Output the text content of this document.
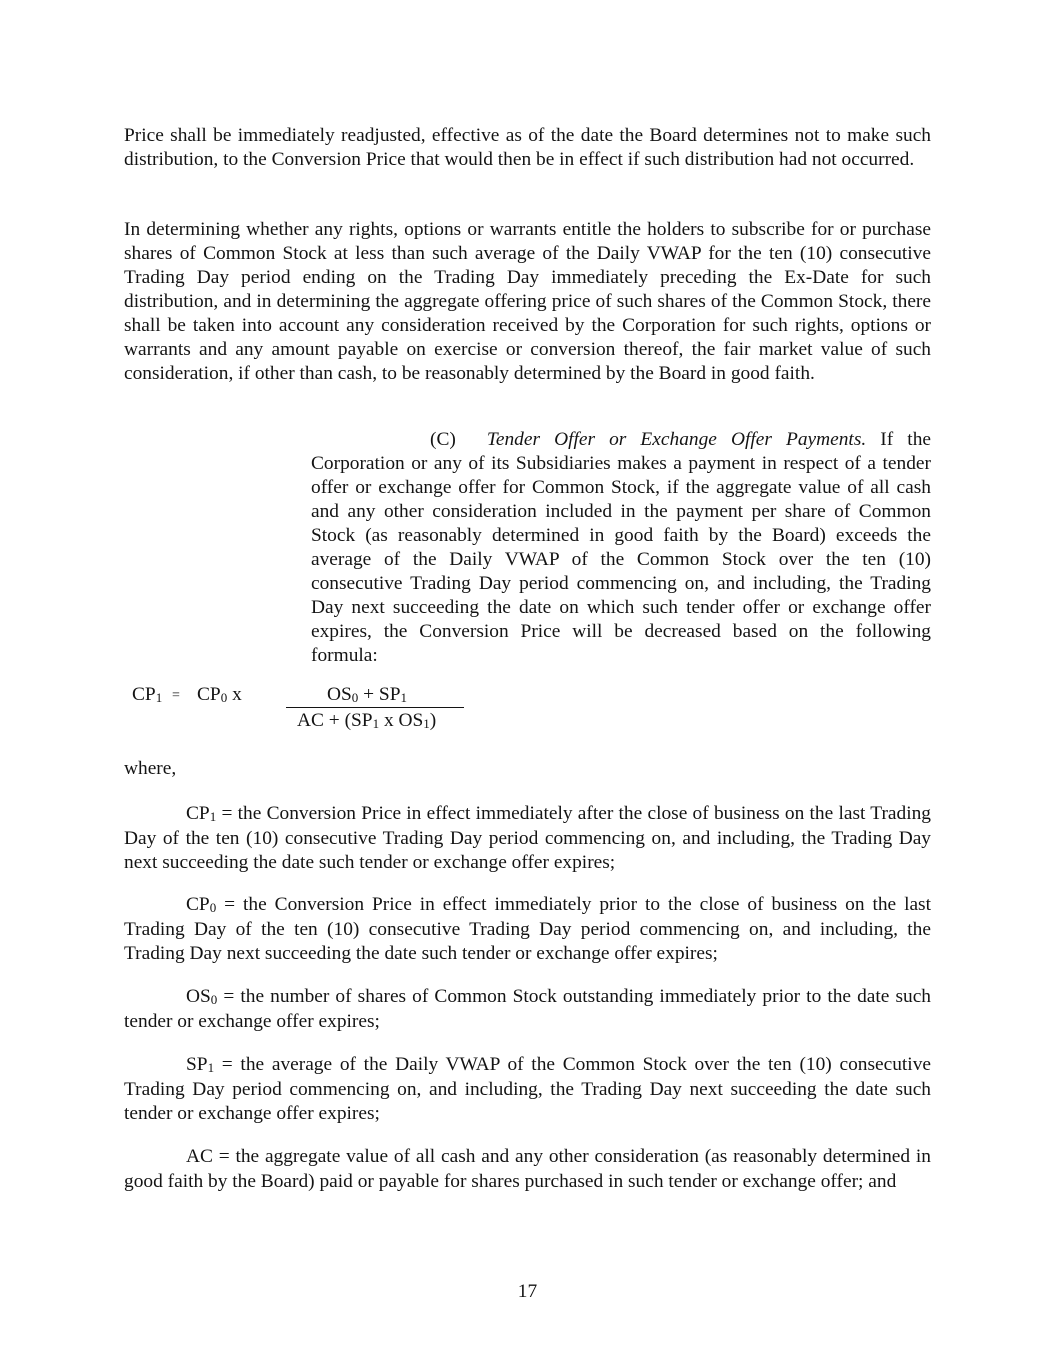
Price shall be immediately readjusted, effective as of the date the Board determines not to make such distribution, to the Conversion Price that would then be in effect if such distribution had not occurred.

In determining whether any rights, options or warrants entitle the holders to subscribe for or purchase shares of Common Stock at less than such average of the Daily VWAP for the ten (10) consecutive Trading Day period ending on the Trading Day immediately preceding the Ex-Date for such distribution, and in determining the aggregate offering price of such shares of the Common Stock, there shall be taken into account any consideration received by the Corporation for such rights, options or warrants and any amount payable on exercise or conversion thereof, the fair market value of such consideration, if other than cash, to be reasonably determined by the Board in good faith.

(C) Tender Offer or Exchange Offer Payments. If the Corporation or any of its Subsidiaries makes a payment in respect of a tender offer or exchange offer for Common Stock, if the aggregate value of all cash and any other consideration included in the payment per share of Common Stock (as reasonably determined in good faith by the Board) exceeds the average of the Daily VWAP of the Common Stock over the ten (10) consecutive Trading Day period commencing on, and including, the Trading Day next succeeding the date on which such tender offer or exchange offer expires, the Conversion Price will be decreased based on the following formula:

CP1 = CP0 x	OS0 + SP1
AC + (SP1 x OS1)

where,

CP1 = the Conversion Price in effect immediately after the close of business on the last Trading Day of the ten (10) consecutive Trading Day period commencing on, and including, the Trading Day next succeeding the date such tender or exchange offer expires;

CP0 = the Conversion Price in effect immediately prior to the close of business on the last Trading Day of the ten (10) consecutive Trading Day period commencing on, and including, the Trading Day next succeeding the date such tender or exchange offer expires;

OS0 = the number of shares of Common Stock outstanding immediately prior to the date such tender or exchange offer expires;

SP1 = the average of the Daily VWAP of the Common Stock over the ten (10) consecutive Trading Day period commencing on, and including, the Trading Day next succeeding the date such tender or exchange offer expires;

AC = the aggregate value of all cash and any other consideration (as reasonably determined in good faith by the Board) paid or payable for shares purchased in such tender or exchange offer; and

17
